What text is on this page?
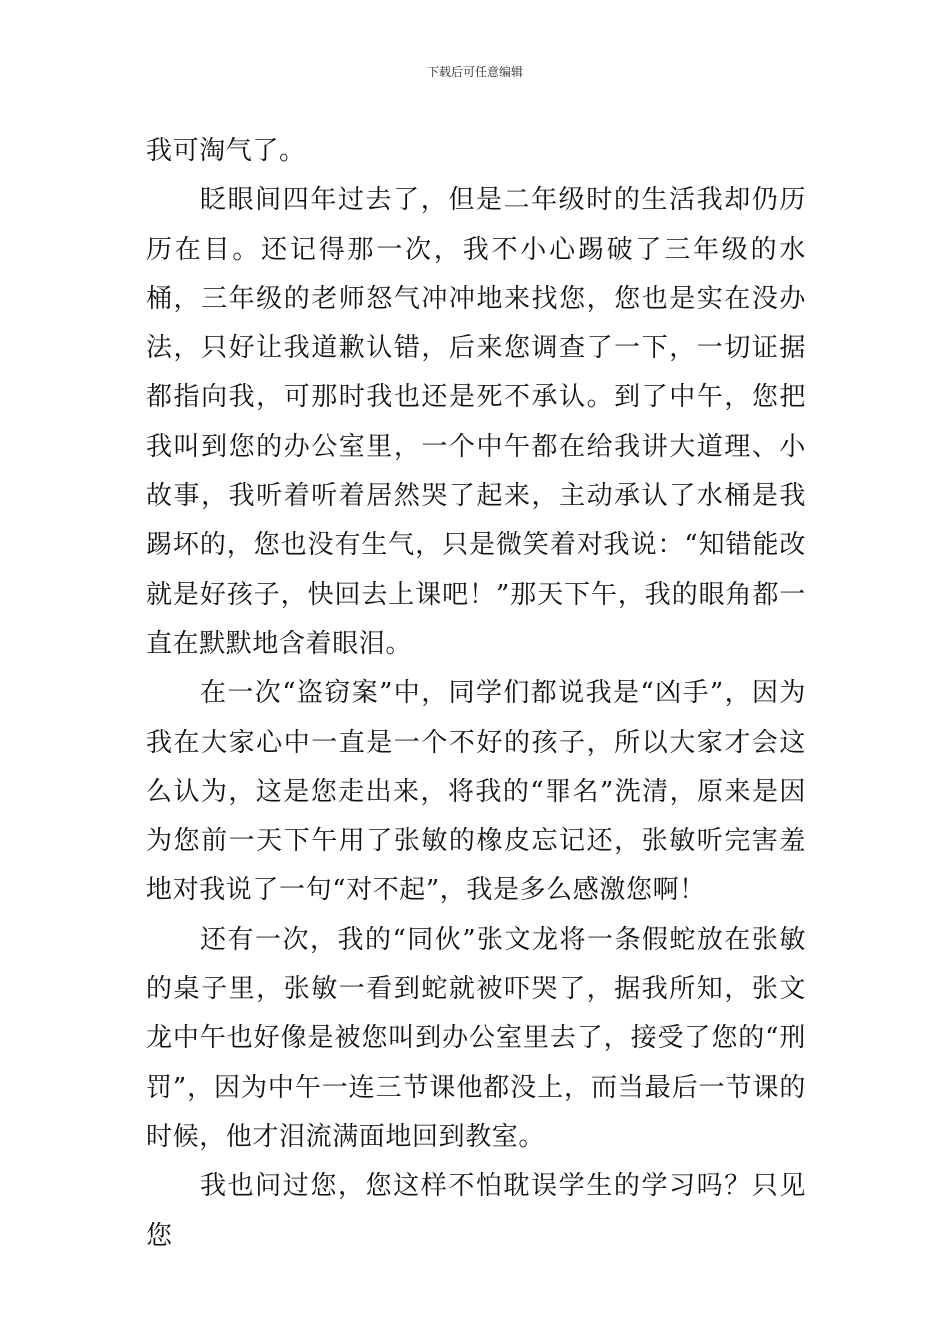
下载后可任意编辑

我可淘气了。

眨眼间四年过去了，但是二年级时的生活我却仍历历在目。还记得那一次，我不小心踢破了三年级的水桶，三年级的老师怒气冲冲地来找您，您也是实在没办法，只好让我道歉认错，后来您调查了一下，一切证据都指向我，可那时我也还是死不承认。到了中午，您把我叫到您的办公室里，一个中午都在给我讲大道理、小故事，我听着听着居然哭了起来，主动承认了水桶是我踢坏的，您也没有生气，只是微笑着对我说：“知错能改就是好孩子，快回去上课吧！”那天下午，我的眼角都一直在默默地含着眼泪。

在一次“盗窃案”中，同学们都说我是“凶手”，因为我在大家心中一直是一个不好的孩子，所以大家才会这么认为，这是您走出来，将我的“罪名”洗清，原来是因为您前一天下午用了张敏的橡皮忘记还，张敏听完害羞地对我说了一句“对不起”，我是多么感激您啊！

还有一次，我的“同伙”张文龙将一条假蛇放在张敏的桌子里，张敏一看到蛇就被吓哭了，据我所知，张文龙中午也好像是被您叫到办公室里去了，接受了您的“刑罚”，因为中午一连三节课他都没上，而当最后一节课的时候，他才泪流满面地回到教室。

我也问过您，您这样不怕耽误学生的学习吗？只见您
